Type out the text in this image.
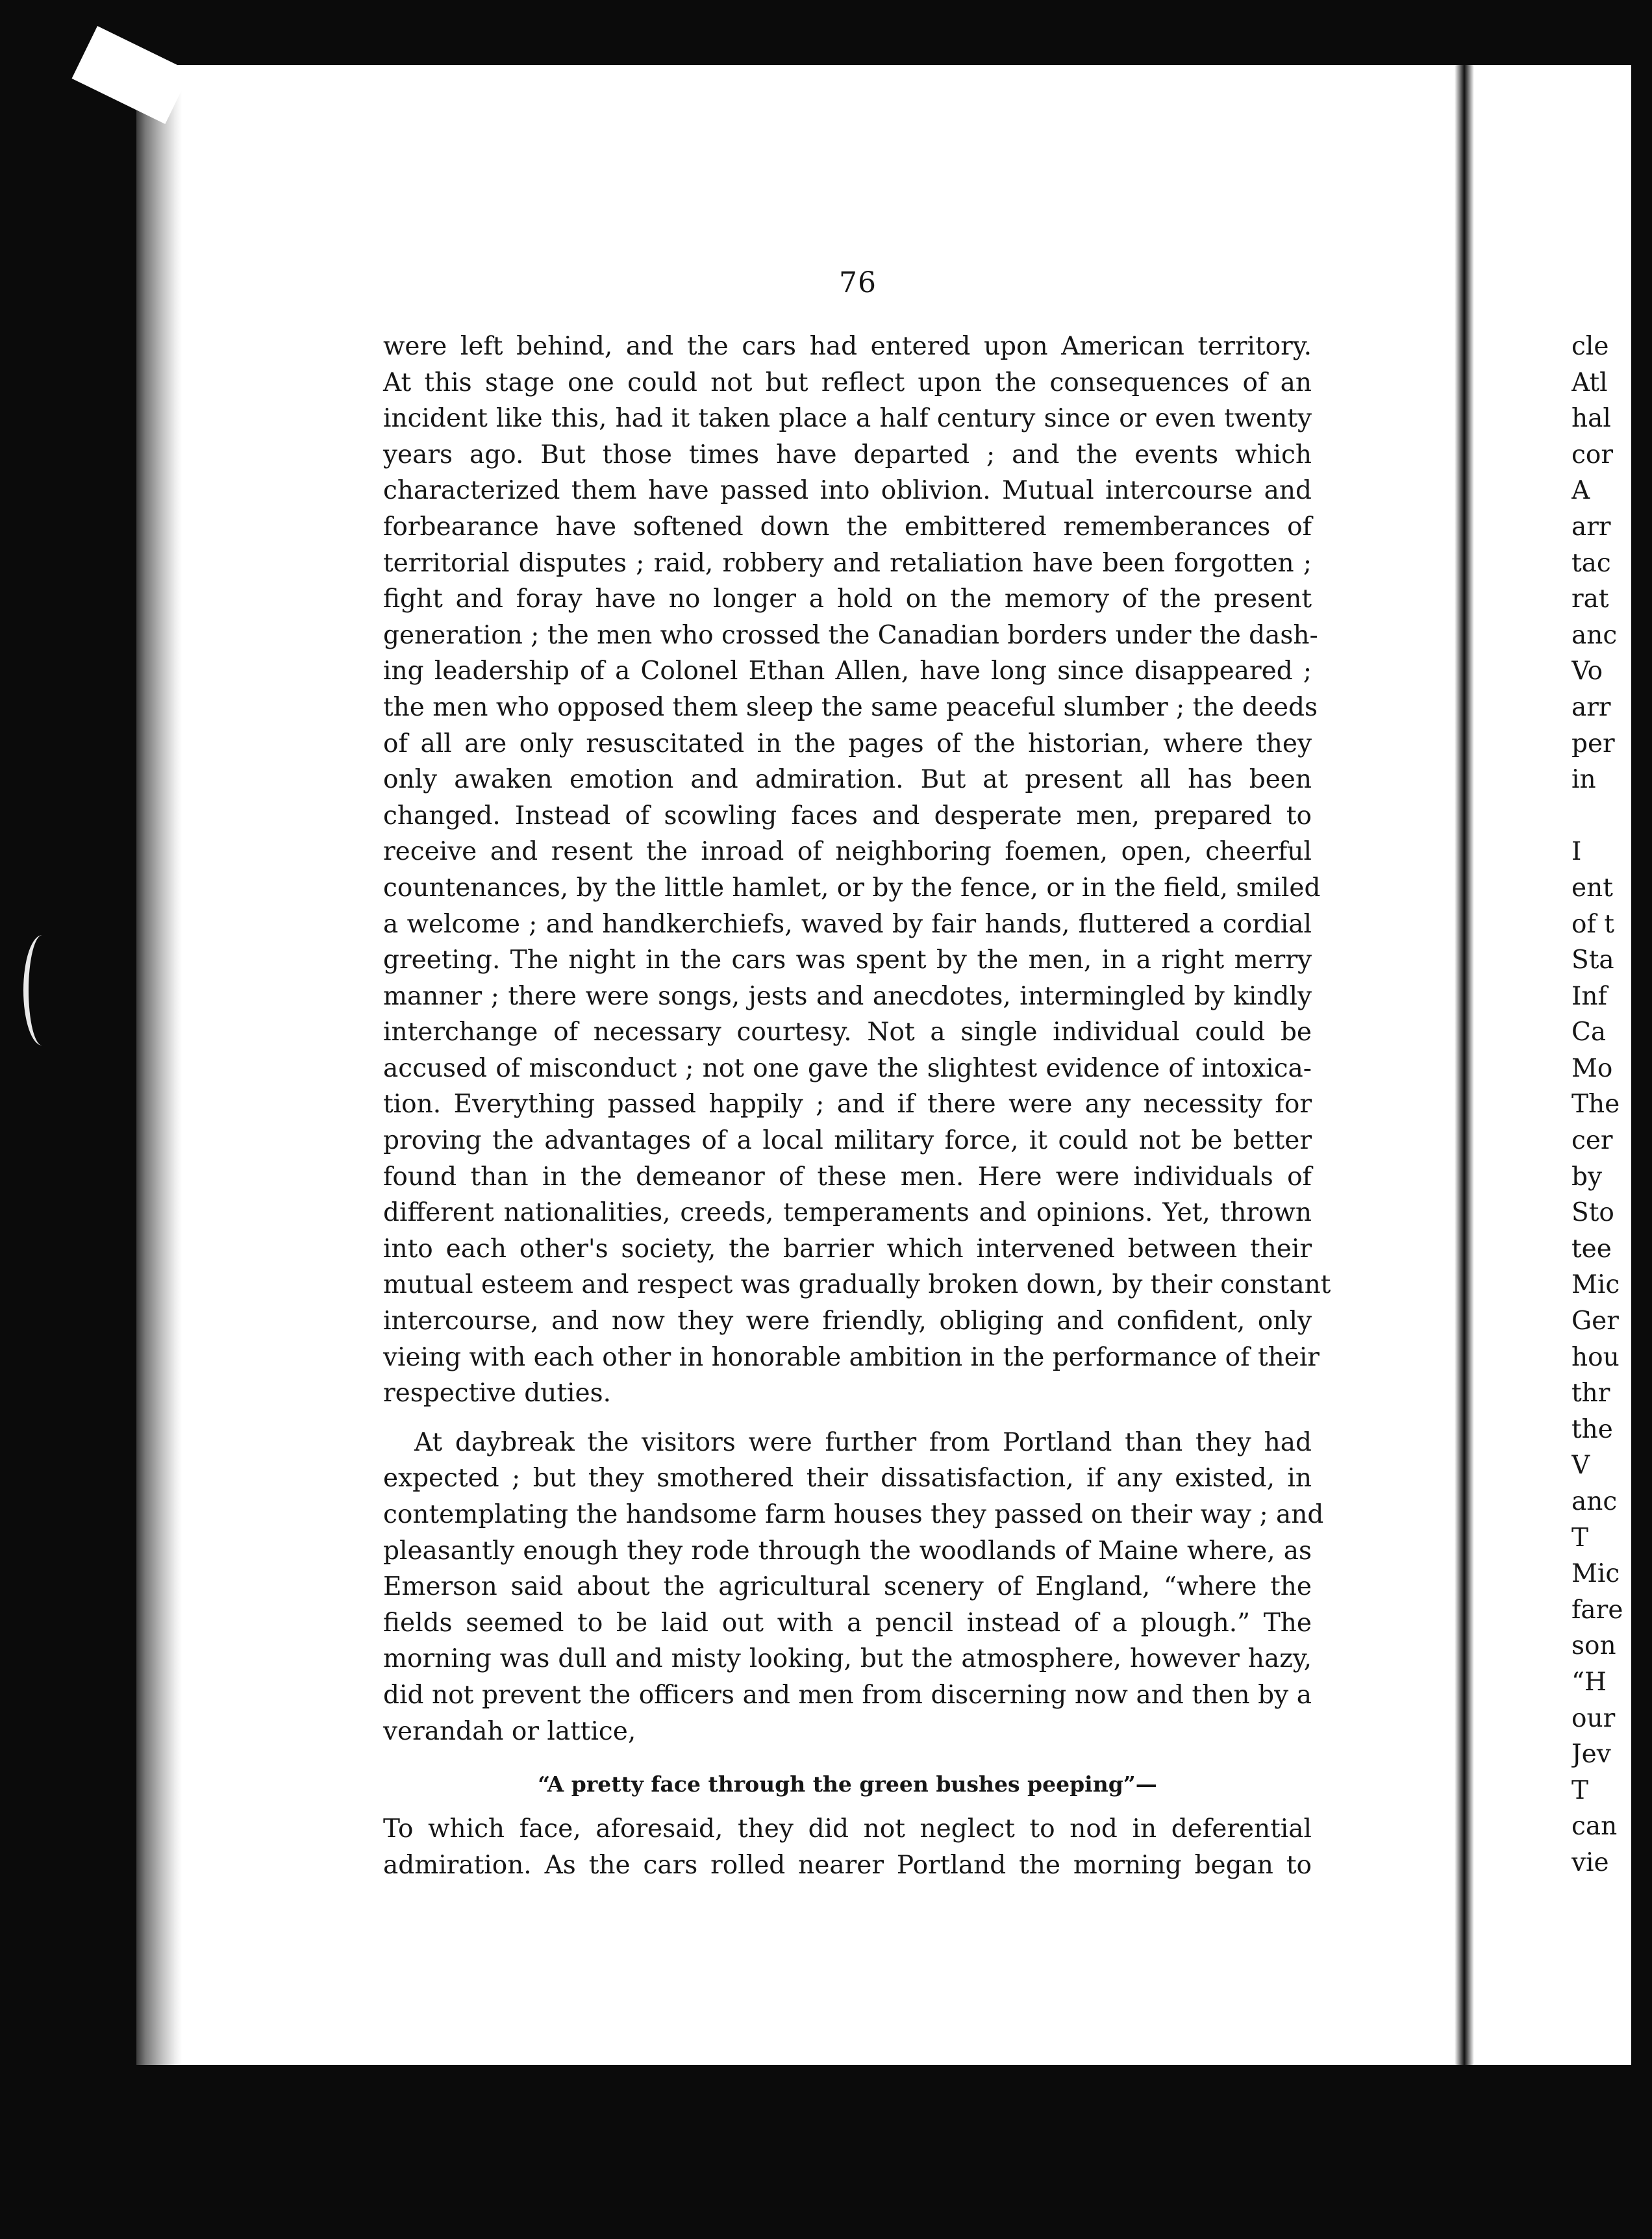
76
were left behind, and the cars had entered upon American territory.
At this stage one could not but reflect upon the consequences of an
incident like this, had it taken place a half century since or even twenty
years ago. But those times have departed ; and the events which
characterized them have passed into oblivion. Mutual intercourse and
forbearance have softened down the embittered rememberances of
territorial disputes ; raid, robbery and retaliation have been forgotten ;
fight and foray have no longer a hold on the memory of the present
generation ; the men who crossed the Canadian borders under the dash-
ing leadership of a Colonel Ethan Allen, have long since disappeared ;
the men who opposed them sleep the same peaceful slumber ; the deeds
of all are only resuscitated in the pages of the historian, where they
only awaken emotion and admiration. But at present all has been
changed. Instead of scowling faces and desperate men, prepared to
receive and resent the inroad of neighboring foemen, open, cheerful
countenances, by the little hamlet, or by the fence, or in the field, smiled
a welcome ; and handkerchiefs, waved by fair hands, fluttered a cordial
greeting. The night in the cars was spent by the men, in a right merry
manner ; there were songs, jests and anecdotes, intermingled by kindly
interchange of necessary courtesy. Not a single individual could be
accused of misconduct ; not one gave the slightest evidence of intoxica-
tion. Everything passed happily ; and if there were any necessity for
proving the advantages of a local military force, it could not be better
found than in the demeanor of these men. Here were individuals of
different nationalities, creeds, temperaments and opinions. Yet, thrown
into each other's society, the barrier which intervened between their
mutual esteem and respect was gradually broken down, by their constant
intercourse, and now they were friendly, obliging and confident, only
vieing with each other in honorable ambition in the performance of their
respective duties.
At daybreak the visitors were further from Portland than they had
expected ; but they smothered their dissatisfaction, if any existed, in
contemplating the handsome farm houses they passed on their way ; and
pleasantly enough they rode through the woodlands of Maine where, as
Emerson said about the agricultural scenery of England, “where the
fields seemed to be laid out with a pencil instead of a plough.” The
morning was dull and misty looking, but the atmosphere, however hazy,
did not prevent the officers and men from discerning now and then by a
verandah or lattice,
“A pretty face through the green bushes peeping”—
To which face, aforesaid, they did not neglect to nod in deferential
admiration. As the cars rolled nearer Portland the morning began to
cle
Atl
hal
cor
A
arr
tac
rat
anc
Vo
arr
per
in

I
ent
of t
Sta
Inf
Ca
Mo
The
cer
by
Sto
tee
Mic
Ger
hou
thr
the
V
anc
T
Mic
fare
son
“H
our
Jev
T
can
vie
